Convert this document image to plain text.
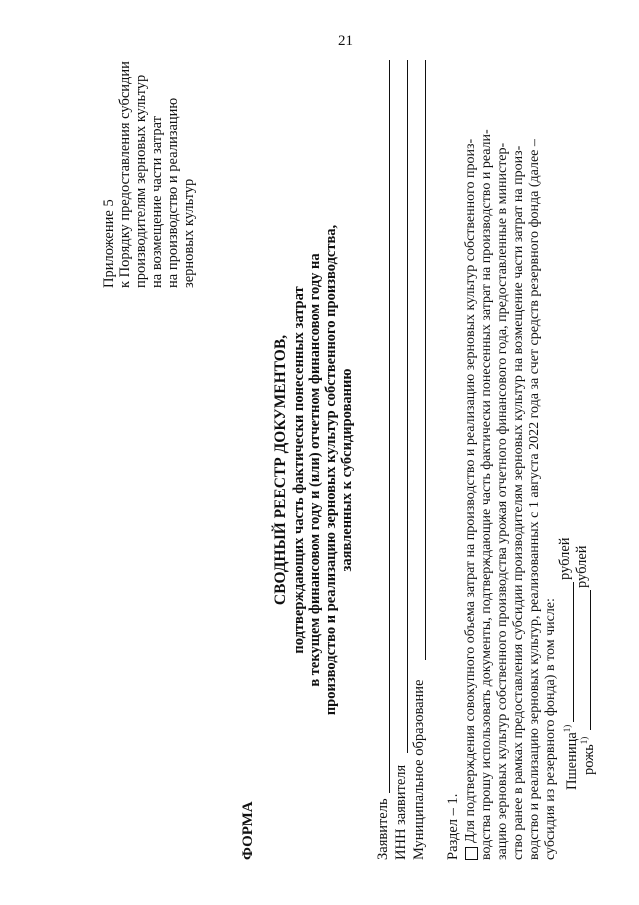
21
Приложение 5 к Порядку предоставления субсидии производителям зерновых культур на возмещение части затрат на производство и реализацию зерновых культур
ФОРМА
СВОДНЫЙ РЕЕСТР ДОКУМЕНТОВ, подтверждающих часть фактически понесенных затрат в текущем финансовом году и (или) отчетном финансовом году на производство и реализацию зерновых культур собственного производства, заявленных к субсидированию
Заявитель ИНН заявителя Муниципальное образование Раздел – 1. Для подтверждения совокупного объема затрат на производство и реализацию зерновых культур собственного произ- водства прошу использовать документы, подтверждающие часть фактически понесенных затрат на производство и реали- зацию зерновых культур собственного производства урожая отчетного финансового года, предоставленные в министер- ство ранее в рамках предоставления субсидии производителям зерновых культур на возмещение части затрат на произ- водство и реализацию зерновых культур, реализованных с 1 августа 2022 года за счет средств резервного фонда (далее – субсидия из резервного фонда) в том числе: Пшеница$^{1)}$
рублей
рожь$^{1)}$
рублей
